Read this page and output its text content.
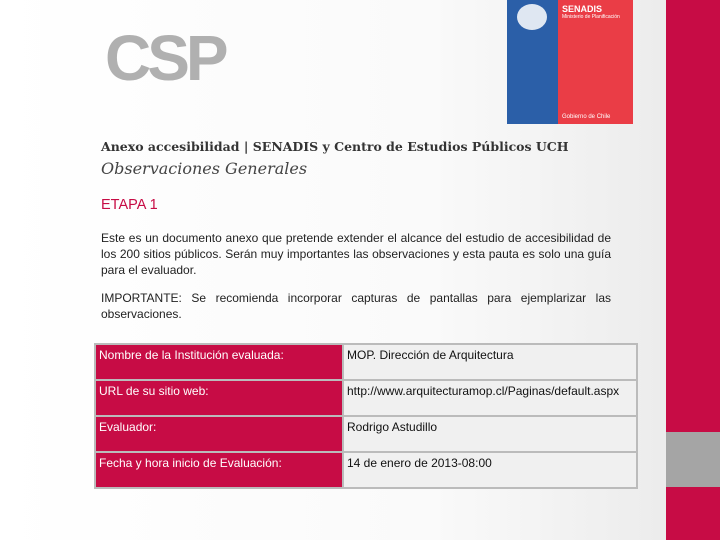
SENADIS
Ministerio de Planificación
Gobierno de Chile
CSP
Anexo accesibilidad | SENADIS y Centro de Estudios Públicos UCH
Observaciones Generales
ETAPA 1
Este es un documento anexo que pretende extender el alcance del estudio de accesibilidad de los 200 sitios públicos. Serán muy importantes las observaciones y esta pauta es solo una guía para el evaluador.
IMPORTANTE: Se recomienda incorporar capturas de pantallas para ejemplarizar las observaciones.
Nombre de la Institución evaluada:	MOP. Dirección de Arquitectura
URL de su sitio web:	http://www.arquitecturamop.cl/Paginas/default.aspx
Evaluador:	Rodrigo Astudillo
Fecha y hora inicio de Evaluación:	14 de enero de 2013-08:00
